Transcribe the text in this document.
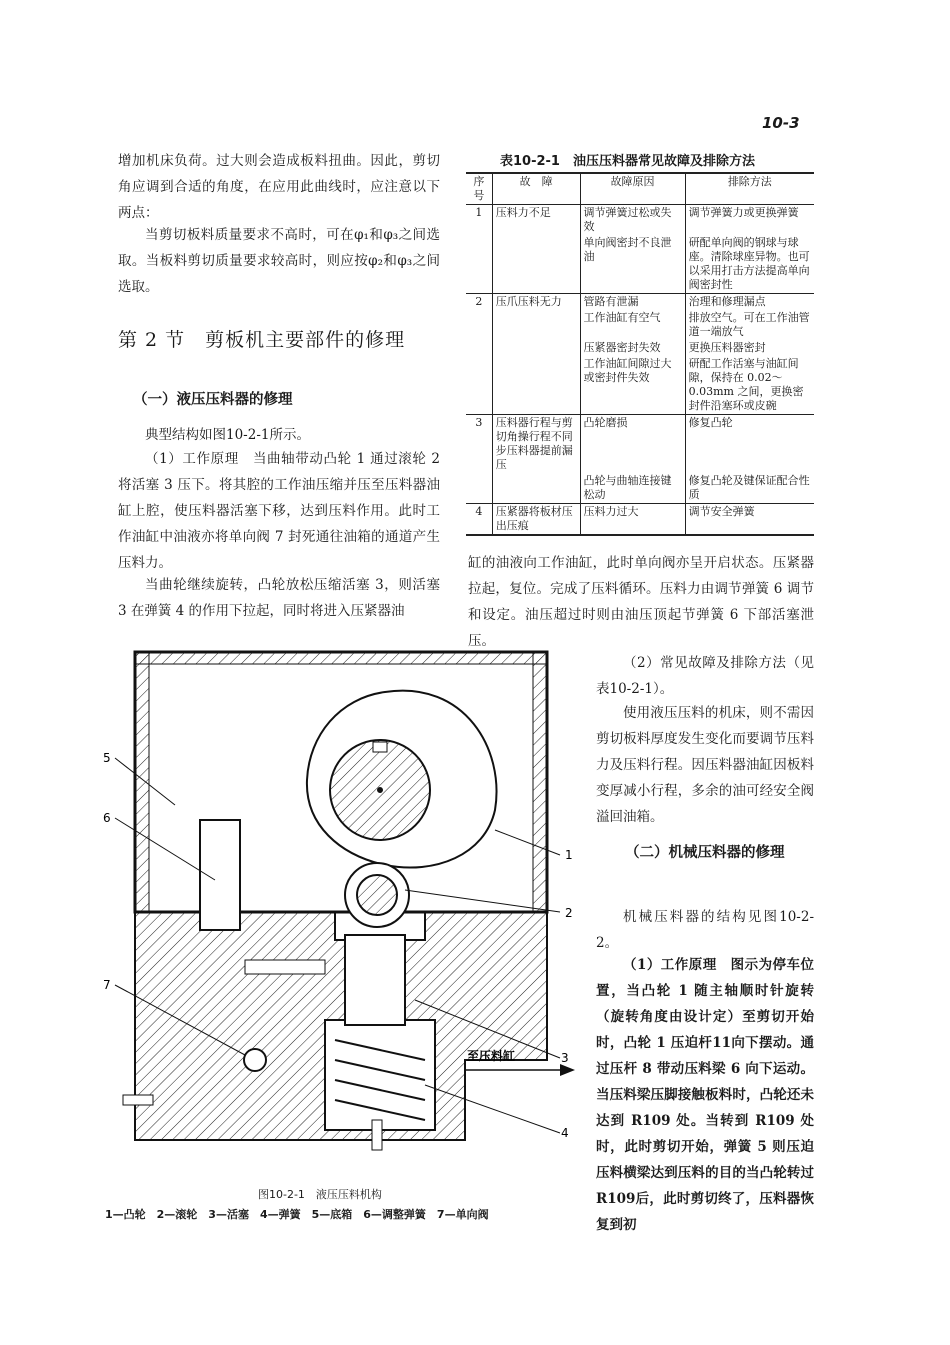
10-3
增加机床负荷。过大则会造成板料扭曲。因此，剪切角应调到合适的角度，在应用此曲线时，应注意以下两点：
当剪切板料质量要求不高时，可在φ₁和φ₃之间选取。当板料剪切质量要求较高时，则应按φ₂和φ₃之间选取。
第 2 节　剪板机主要部件的修理
（一）液压压料器的修理
典型结构如图10-2-1所示。
（1）工作原理　当曲轴带动凸轮 1 通过滚轮 2 将活塞 3 压下。将其腔的工作油压缩并压至压料器油缸上腔，使压料器活塞下移，达到压料作用。此时工作油缸中油液亦将单向阀 7 封死通往油箱的通道产生压料力。
当曲轮继续旋转，凸轮放松压缩活塞 3，则活塞 3 在弹簧 4 的作用下拉起，同时将进入压紧器油
表10-2-1　油压压料器常见故障及排除方法
序号	故　障	故障原因	排除方法
1	压料力不足	调节弹簧过松或失效	调节弹簧力或更换弹簧
		单向阀密封不良泄油	研配单向阀的钢球与球座。清除球座异物。也可以采用打击方法提高单向阀密封性
2	压爪压料无力	管路有泄漏	治理和修理漏点
		工作油缸有空气	排放空气。可在工作油管道一端放气
		压紧器密封失效	更换压料器密封
		工作油缸间隙过大或密封件失效	研配工作活塞与油缸间隙，保持在 0.02～0.03mm 之间，更换密封件沿塞环或皮碗
3	压料器行程与剪切角操行程不同步压料器提前漏压	凸轮磨损	修复凸轮
		凸轮与曲轴连接键松动	修复凸轮及键保证配合性质
4	压紧器将板材压出压痕	压料力过大	调节安全弹簧
缸的油液向工作油缸，此时单向阀亦呈开启状态。压紧器拉起，复位。完成了压料循环。压料力由调节弹簧 6 调节和设定。油压超过时则由油压顶起节弹簧 6 下部活塞泄压。
（2）常见故障及排除方法（见表10-2-1）。
使用液压压料的机床，则不需因剪切板料厚度发生变化而要调节压料力及压料行程。因压料器油缸因板料变厚减小行程，多余的油可经安全阀溢回油箱。
（二）机械压料器的修理
机械压料器的结构见图10-2-2。
（1）工作原理　图示为停车位置，当凸轮 1 随主轴顺时针旋转（旋转角度由设计定）至剪切开始时，凸轮 1 压迫杆11向下摆动。通过压杆 8 带动压料梁 6 向下运动。当压料梁压脚接触板料时，凸轮还未达到 R109 处。当转到 R109 处时，此时剪切开始，弹簧 5 则压迫压料横梁达到压料的目的当凸轮转过 R109后，此时剪切终了，压料器恢复到初
至压料缸
1
2
3
4
5
6
7
图10-2-1　液压压料机构
1—凸轮　2—滚轮　3—活塞　4—弹簧　5—底箱　6—调整弹簧　7—单向阀
